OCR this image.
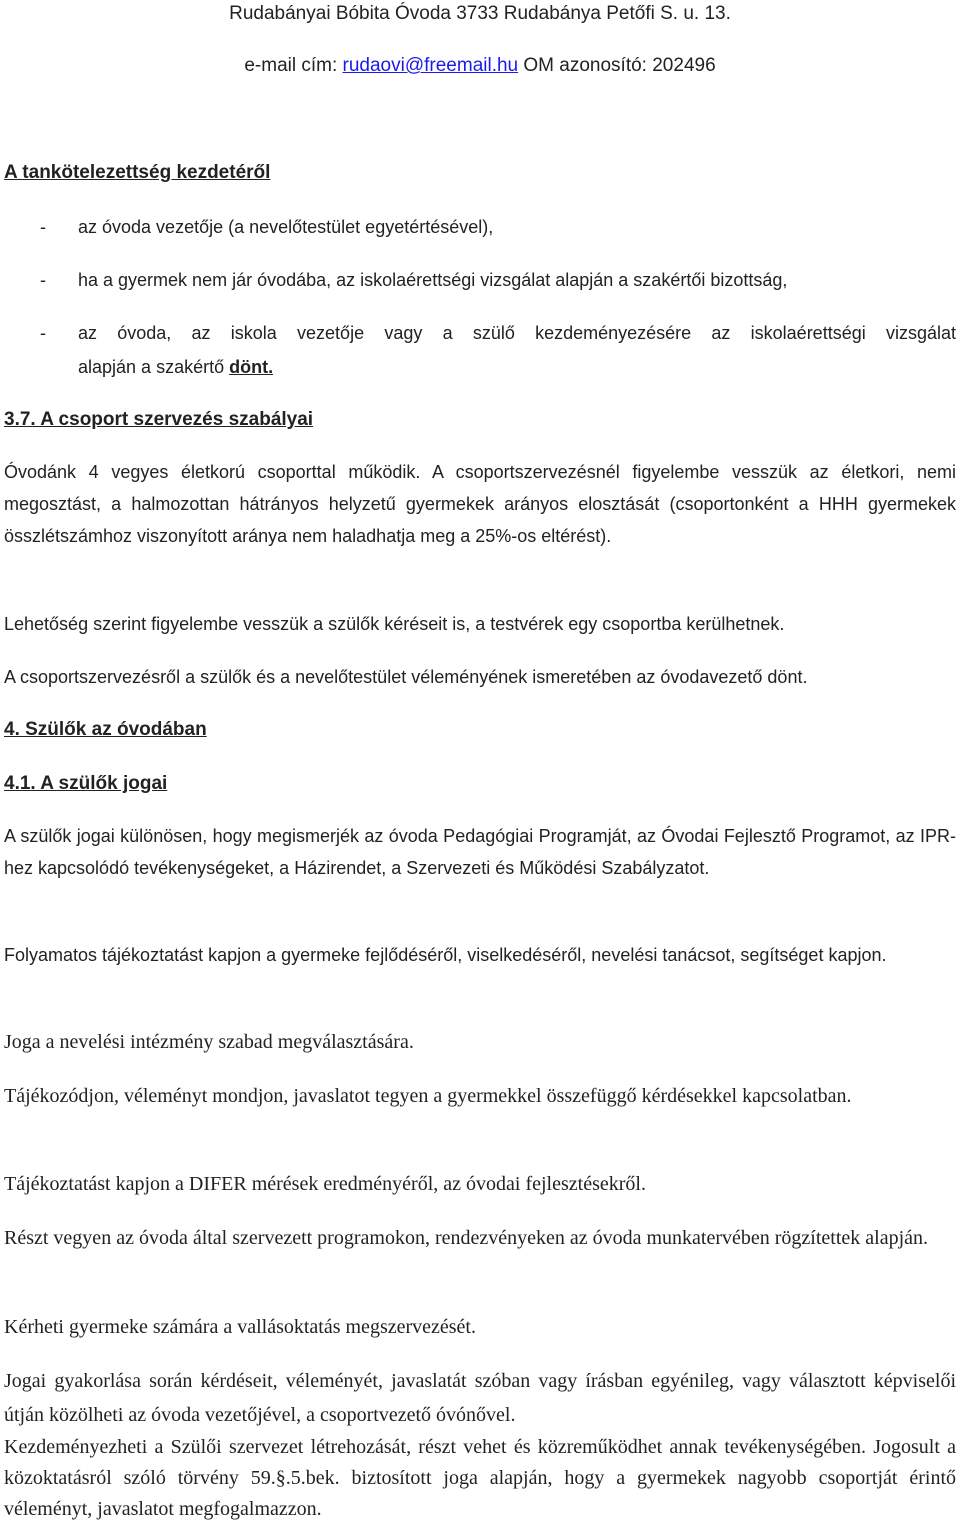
Rudabányai Bóbita Óvoda 3733 Rudabánya Petőfi S. u. 13.
e-mail cím: rudaovi@freemail.hu OM azonosító: 202496
A tankötelezettség kezdetéről
- az óvoda vezetője (a nevelőtestület egyetértésével),
- ha a gyermek nem jár óvodába, az iskolaérettségi vizsgálat alapján a szakértői bizottság,
- az óvoda, az iskola vezetője vagy a szülő kezdeményezésére az iskolaérettségi vizsgálat
alapján a szakértő dönt.
3.7. A csoport szervezés szabályai
Óvodánk 4 vegyes életkorú csoporttal működik. A csoportszervezésnél figyelembe vesszük az életkori, nemi megosztást, a halmozottan hátrányos helyzetű gyermekek arányos elosztását (csoportonként a HHH gyermekek összlétszámhoz viszonyított aránya nem haladhatja meg a 25%-os eltérést).
Lehetőség szerint figyelembe vesszük a szülők kéréseit is, a testvérek egy csoportba kerülhetnek.
A csoportszervezésről a szülők és a nevelőtestület véleményének ismeretében az óvodavezető dönt.
4. Szülők az óvodában
4.1. A szülők jogai
A szülők jogai különösen, hogy megismerjék az óvoda Pedagógiai Programját, az Óvodai Fejlesztő Programot, az IPR- hez kapcsolódó tevékenységeket, a Házirendet, a Szervezeti és Működési Szabályzatot.
Folyamatos tájékoztatást kapjon a gyermeke fejlődéséről, viselkedéséről, nevelési tanácsot, segítséget kapjon.
Joga a nevelési intézmény szabad megválasztására.
Tájékozódjon, véleményt mondjon, javaslatot tegyen a gyermekkel összefüggő kérdésekkel kapcsolatban.
Tájékoztatást kapjon a DIFER mérések eredményéről, az óvodai fejlesztésekről.
Részt vegyen az óvoda által szervezett programokon, rendezvényeken az óvoda munkatervében rögzítettek alapján.
Kérheti gyermeke számára a vallásoktatás megszervezését.
Jogai gyakorlása során kérdéseit, véleményét, javaslatát szóban vagy írásban egyénileg, vagy választott képviselői útján közölheti az óvoda vezetőjével, a csoportvezető óvónővel.
Kezdeményezheti a Szülői szervezet létrehozását, részt vehet és közreműködhet annak tevékenységében. Jogosult a közoktatásról szóló törvény 59.§.5.bek. biztosított joga alapján, hogy a gyermekek nagyobb csoportját érintő véleményt, javaslatot megfogalmazzon.
